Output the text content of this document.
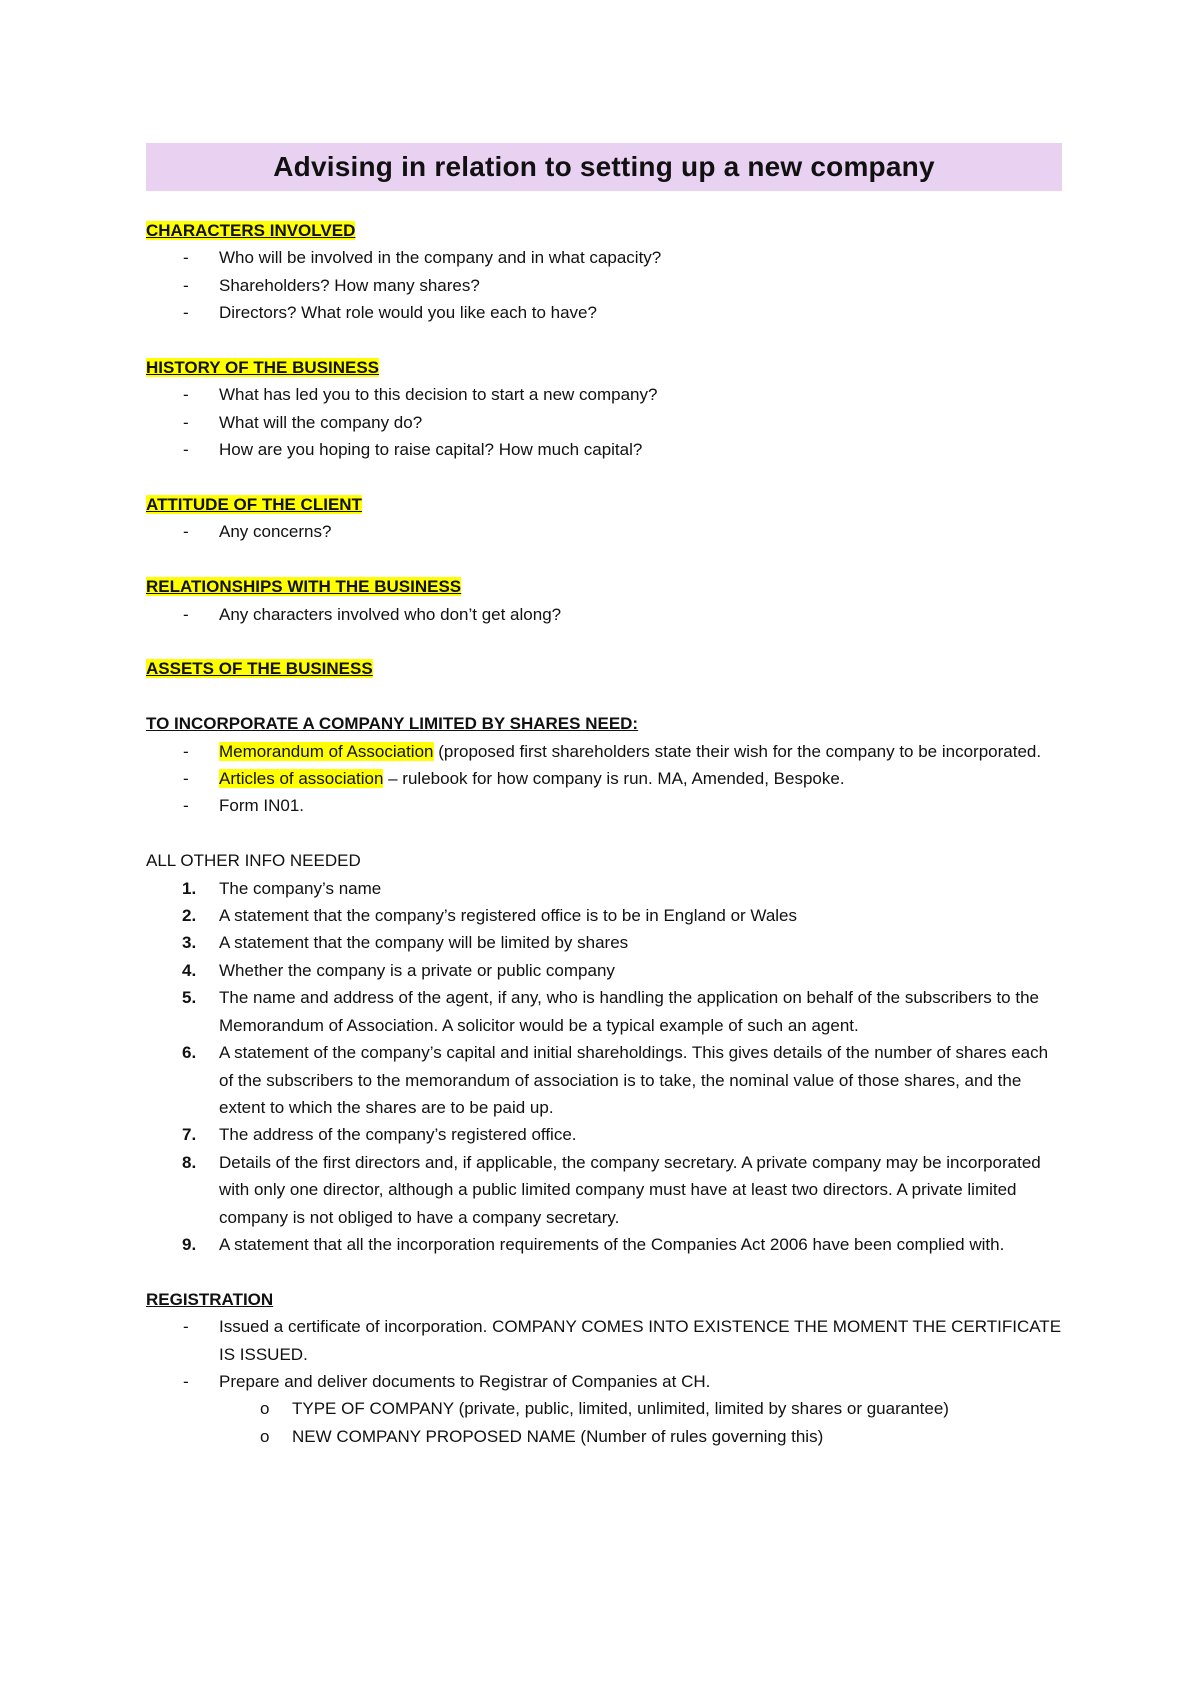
Advising in relation to setting up a new company
CHARACTERS INVOLVED
- Who will be involved in the company and in what capacity?
- Shareholders? How many shares?
- Directors? What role would you like each to have?
HISTORY OF THE BUSINESS
- What has led you to this decision to start a new company?
- What will the company do?
- How are you hoping to raise capital? How much capital?
ATTITUDE OF THE CLIENT
- Any concerns?
RELATIONSHIPS WITH THE BUSINESS
- Any characters involved who don’t get along?
ASSETS OF THE BUSINESS
TO INCORPORATE A COMPANY LIMITED BY SHARES NEED:
- Memorandum of Association (proposed first shareholders state their wish for the company to be incorporated.
- Articles of association – rulebook for how company is run. MA, Amended, Bespoke.
- Form IN01.
ALL OTHER INFO NEEDED
1. The company’s name
2. A statement that the company’s registered office is to be in England or Wales
3. A statement that the company will be limited by shares
4. Whether the company is a private or public company
5. The name and address of the agent, if any, who is handling the application on behalf of the subscribers to the Memorandum of Association. A solicitor would be a typical example of such an agent.
6. A statement of the company’s capital and initial shareholdings. This gives details of the number of shares each of the subscribers to the memorandum of association is to take, the nominal value of those shares, and the extent to which the shares are to be paid up.
7. The address of the company’s registered office.
8. Details of the first directors and, if applicable, the company secretary. A private company may be incorporated with only one director, although a public limited company must have at least two directors. A private limited company is not obliged to have a company secretary.
9. A statement that all the incorporation requirements of the Companies Act 2006 have been complied with.
REGISTRATION
- Issued a certificate of incorporation. COMPANY COMES INTO EXISTENCE THE MOMENT THE CERTIFICATE IS ISSUED.
- Prepare and deliver documents to Registrar of Companies at CH.
o TYPE OF COMPANY (private, public, limited, unlimited, limited by shares or guarantee)
o NEW COMPANY PROPOSED NAME (Number of rules governing this)
